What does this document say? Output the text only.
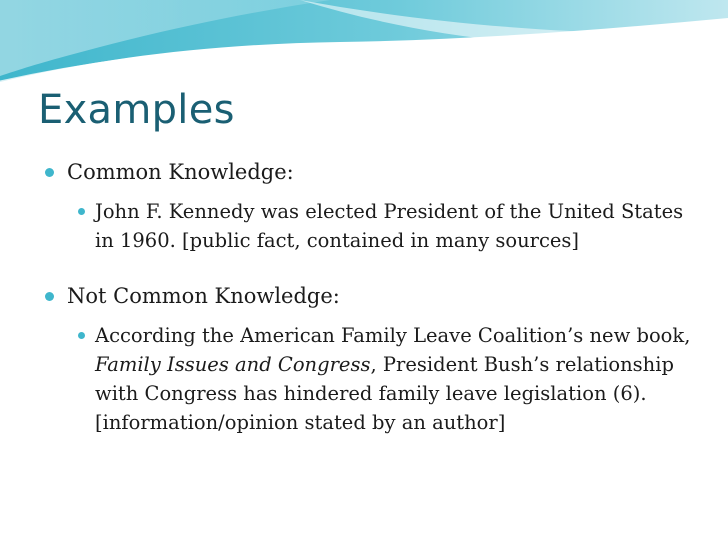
Examples
Common Knowledge:
John F. Kennedy was elected President of the United States in 1960. [public fact, contained in many sources]
Not Common Knowledge:
According the American Family Leave Coalition’s new book, Family Issues and Congress, President Bush’s relationship with Congress has hindered family leave legislation (6). [information/opinion stated by an author]
